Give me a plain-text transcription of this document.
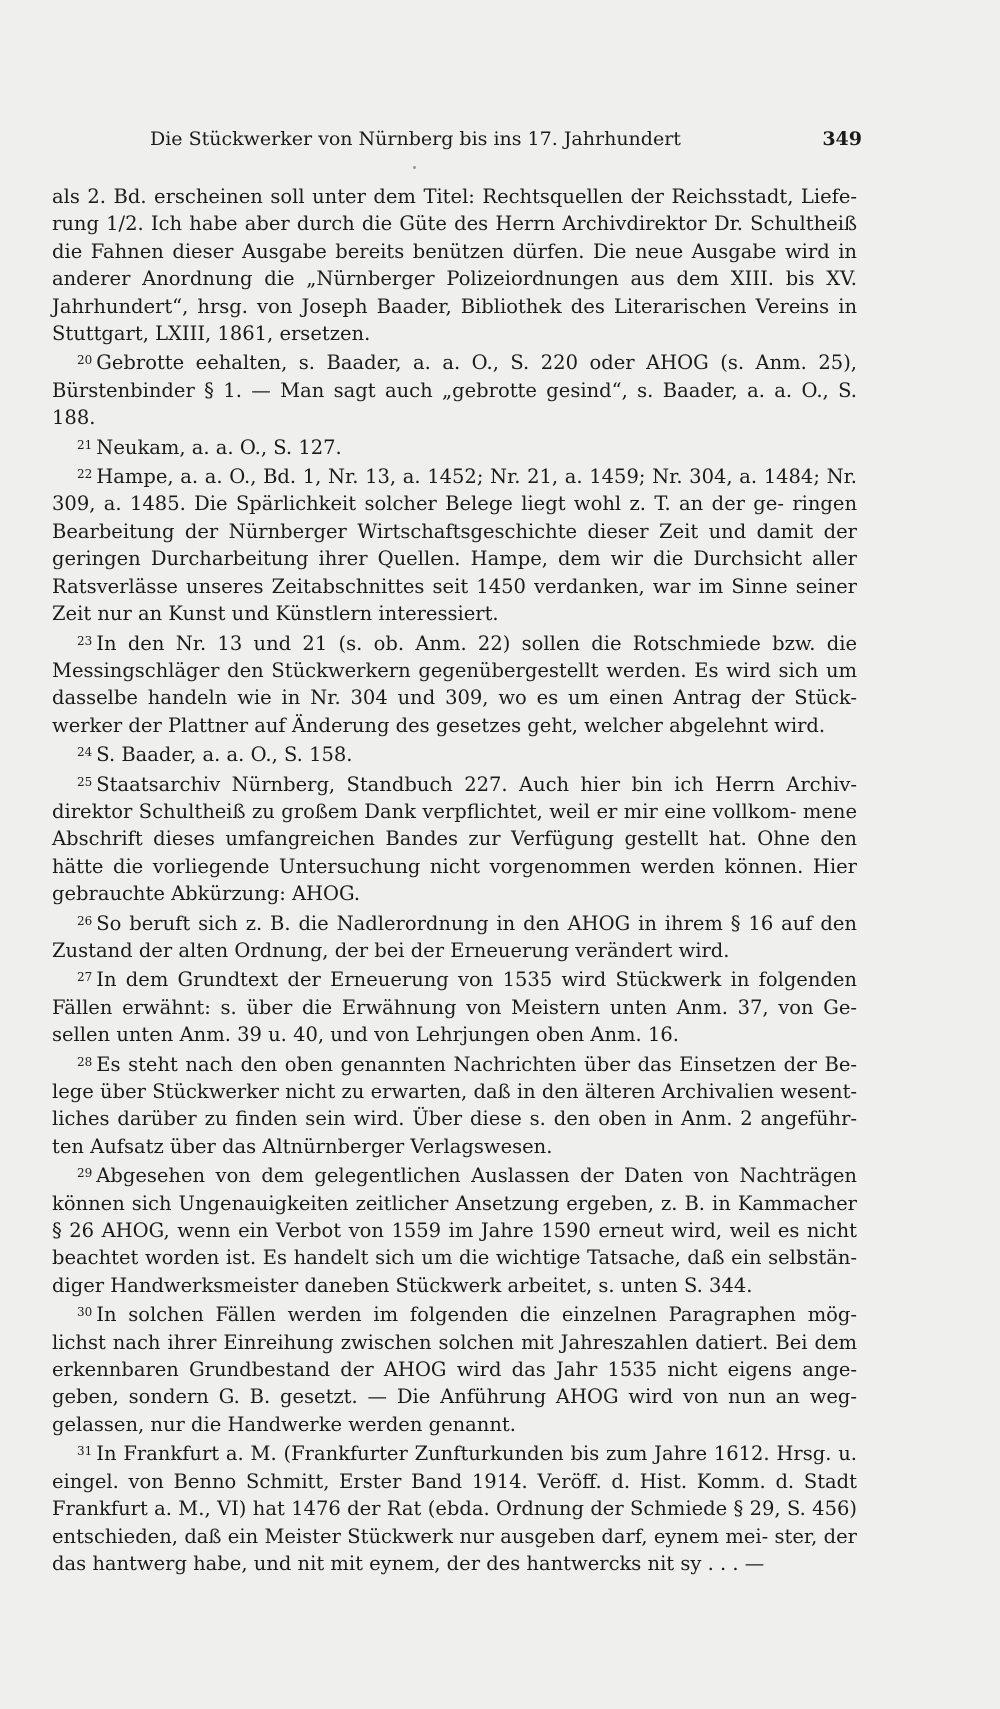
Die Stückwerker von Nürnberg bis ins 17. Jahrhundert	349
als 2. Bd. erscheinen soll unter dem Titel: Rechtsquellen der Reichsstadt, Liefe- rung 1/2. Ich habe aber durch die Güte des Herrn Archivdirektor Dr. Schultheiß die Fahnen dieser Ausgabe bereits benützen dürfen. Die neue Ausgabe wird in anderer Anordnung die „Nürnberger Polizeiordnungen aus dem XIII. bis XV. Jahrhundert“, hrsg. von Joseph Baader, Bibliothek des Literarischen Vereins in Stuttgart, LXIII, 1861, ersetzen.
$^{20}$ Gebrotte eehalten, s. Baader, a. a. O., S. 220 oder AHOG (s. Anm. 25), Bürstenbinder § 1. — Man sagt auch „gebrotte gesind“, s. Baader, a. a. O., S. 188.
$^{21}$ Neukam, a. a. O., S. 127.
$^{22}$ Hampe, a. a. O., Bd. 1, Nr. 13, a. 1452; Nr. 21, a. 1459; Nr. 304, a. 1484; Nr. 309, a. 1485. Die Spärlichkeit solcher Belege liegt wohl z. T. an der ge- ringen Bearbeitung der Nürnberger Wirtschaftsgeschichte dieser Zeit und damit der geringen Durcharbeitung ihrer Quellen. Hampe, dem wir die Durchsicht aller Ratsverlässe unseres Zeitabschnittes seit 1450 verdanken, war im Sinne seiner Zeit nur an Kunst und Künstlern interessiert.
$^{23}$ In den Nr. 13 und 21 (s. ob. Anm. 22) sollen die Rotschmiede bzw. die Messingschläger den Stückwerkern gegenübergestellt werden. Es wird sich um dasselbe handeln wie in Nr. 304 und 309, wo es um einen Antrag der Stück- werker der Plattner auf Änderung des gesetzes geht, welcher abgelehnt wird.
$^{24}$ S. Baader, a. a. O., S. 158.
$^{25}$ Staatsarchiv Nürnberg, Standbuch 227. Auch hier bin ich Herrn Archiv- direktor Schultheiß zu großem Dank verpflichtet, weil er mir eine vollkom- mene Abschrift dieses umfangreichen Bandes zur Verfügung gestellt hat. Ohne den hätte die vorliegende Untersuchung nicht vorgenommen werden können. Hier gebrauchte Abkürzung: AHOG.
$^{26}$ So beruft sich z. B. die Nadlerordnung in den AHOG in ihrem § 16 auf den Zustand der alten Ordnung, der bei der Erneuerung verändert wird.
$^{27}$ In dem Grundtext der Erneuerung von 1535 wird Stückwerk in folgenden Fällen erwähnt: s. über die Erwähnung von Meistern unten Anm. 37, von Ge- sellen unten Anm. 39 u. 40, und von Lehrjungen oben Anm. 16.
$^{28}$ Es steht nach den oben genannten Nachrichten über das Einsetzen der Be- lege über Stückwerker nicht zu erwarten, daß in den älteren Archivalien wesent- liches darüber zu finden sein wird. Über diese s. den oben in Anm. 2 angeführ- ten Aufsatz über das Altnürnberger Verlagswesen.
$^{29}$ Abgesehen von dem gelegentlichen Auslassen der Daten von Nachträgen können sich Ungenauigkeiten zeitlicher Ansetzung ergeben, z. B. in Kammacher § 26 AHOG, wenn ein Verbot von 1559 im Jahre 1590 erneut wird, weil es nicht beachtet worden ist. Es handelt sich um die wichtige Tatsache, daß ein selbstän- diger Handwerksmeister daneben Stückwerk arbeitet, s. unten S. 344.
$^{30}$ In solchen Fällen werden im folgenden die einzelnen Paragraphen mög- lichst nach ihrer Einreihung zwischen solchen mit Jahreszahlen datiert. Bei dem erkennbaren Grundbestand der AHOG wird das Jahr 1535 nicht eigens ange- geben, sondern G. B. gesetzt. — Die Anführung AHOG wird von nun an weg- gelassen, nur die Handwerke werden genannt.
$^{31}$ In Frankfurt a. M. (Frankfurter Zunfturkunden bis zum Jahre 1612. Hrsg. u. eingel. von Benno Schmitt, Erster Band 1914. Veröff. d. Hist. Komm. d. Stadt Frankfurt a. M., VI) hat 1476 der Rat (ebda. Ordnung der Schmiede § 29, S. 456) entschieden, daß ein Meister Stückwerk nur ausgeben darf, eynem mei- ster, der das hantwerg habe, und nit mit eynem, der des hantwercks nit sy . . . —
